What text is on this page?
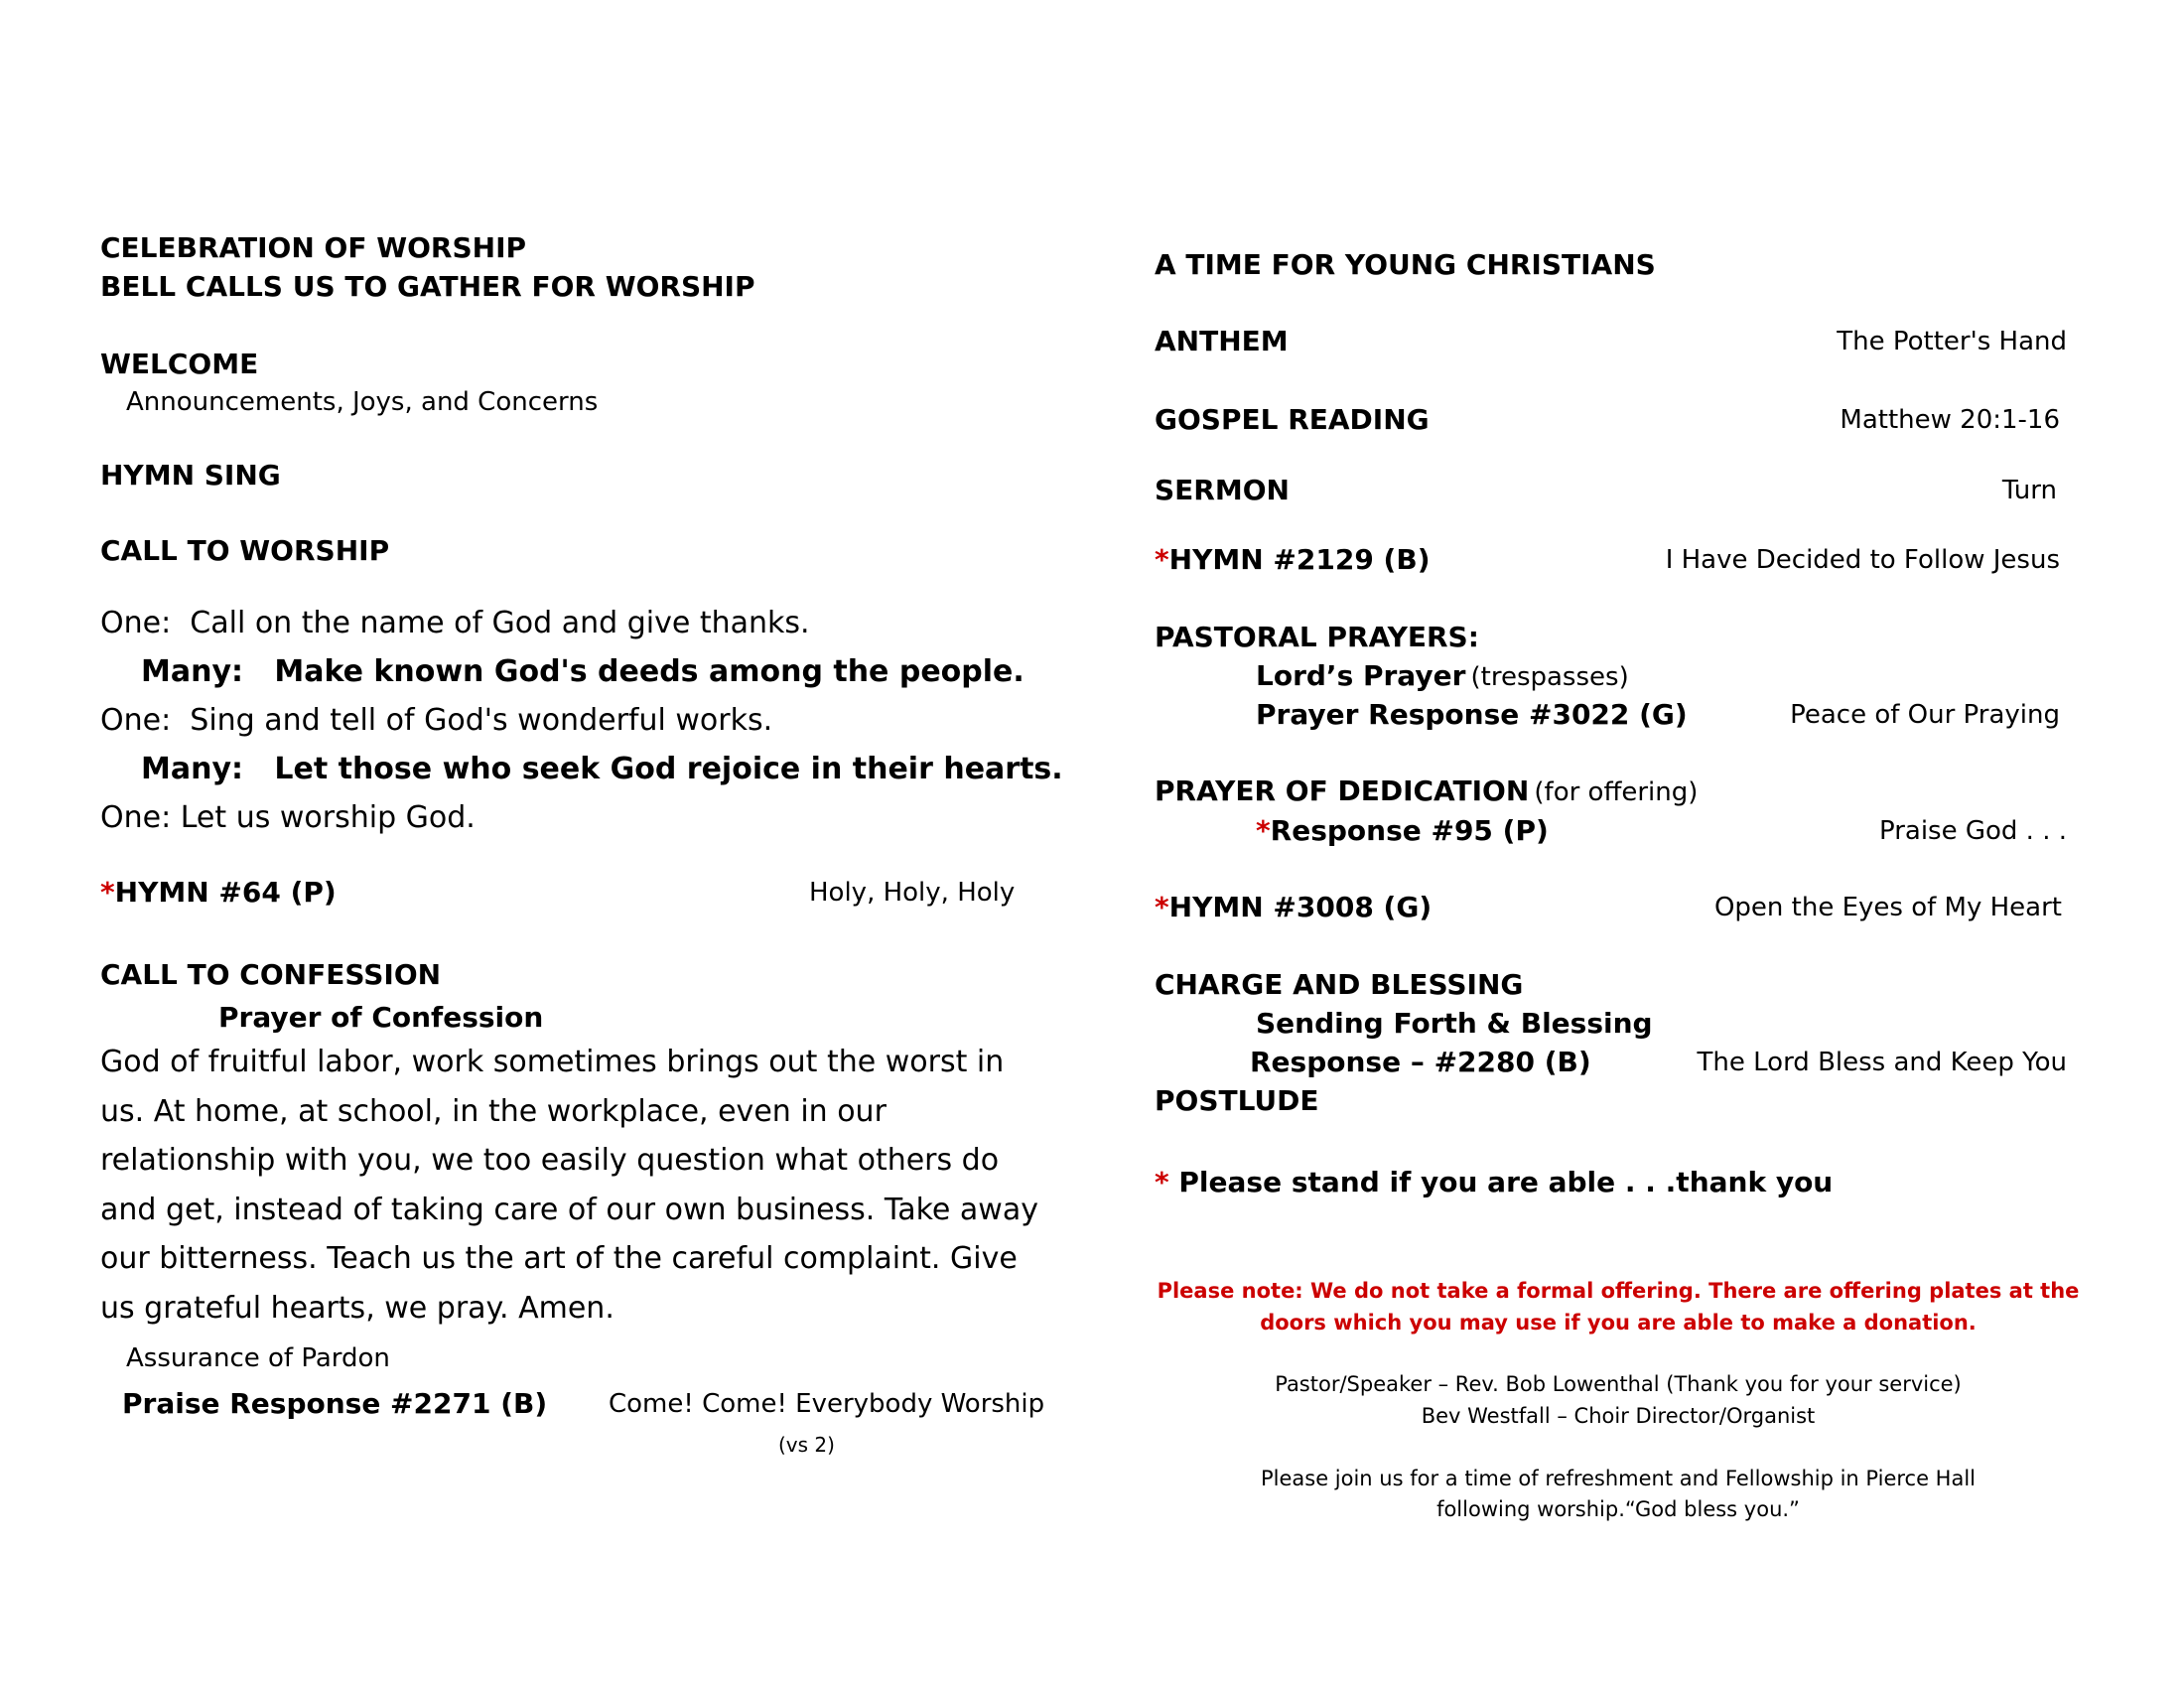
CELEBRATION OF WORSHIP
BELL CALLS US TO GATHER FOR WORSHIP
WELCOME
Announcements, Joys, and Concerns
HYMN SING
CALL TO WORSHIP
One: Call on the name of God and give thanks.
Many: Make known God's deeds among the people.
One: Sing and tell of God's wonderful works.
Many: Let those who seek God rejoice in their hearts.
One: Let us worship God.
*HYMN #64 (P)	Holy, Holy, Holy
CALL TO CONFESSION
Prayer of Confession
God of fruitful labor, work sometimes brings out the worst in us. At home, at school, in the workplace, even in our relationship with you, we too easily question what others do and get, instead of taking care of our own business. Take away our bitterness. Teach us the art of the careful complaint. Give us grateful hearts, we pray. Amen.
Assurance of Pardon
Praise Response #2271 (B) Come! Come! Everybody Worship
(vs 2)
A TIME FOR YOUNG CHRISTIANS
ANTHEM	The Potter's Hand
GOSPEL READING	Matthew 20:1-16
SERMON	Turn
*HYMN #2129 (B)	I Have Decided to Follow Jesus
PASTORAL PRAYERS:
Lord’s Prayer (trespasses)
Prayer Response #3022 (G)	Peace of Our Praying
PRAYER OF DEDICATION (for offering)
*Response #95 (P)	Praise God . . .
*HYMN #3008 (G)	Open the Eyes of My Heart
CHARGE AND BLESSING
Sending Forth & Blessing
Response – #2280 (B)	The Lord Bless and Keep You
POSTLUDE
* Please stand if you are able . . .thank you
Please note: We do not take a formal offering. There are offering plates at the
doors which you may use if you are able to make a donation.
Pastor/Speaker – Rev. Bob Lowenthal (Thank you for your service)
Bev Westfall – Choir Director/Organist
Please join us for a time of refreshment and Fellowship in Pierce Hall
following worship.“God bless you.”
